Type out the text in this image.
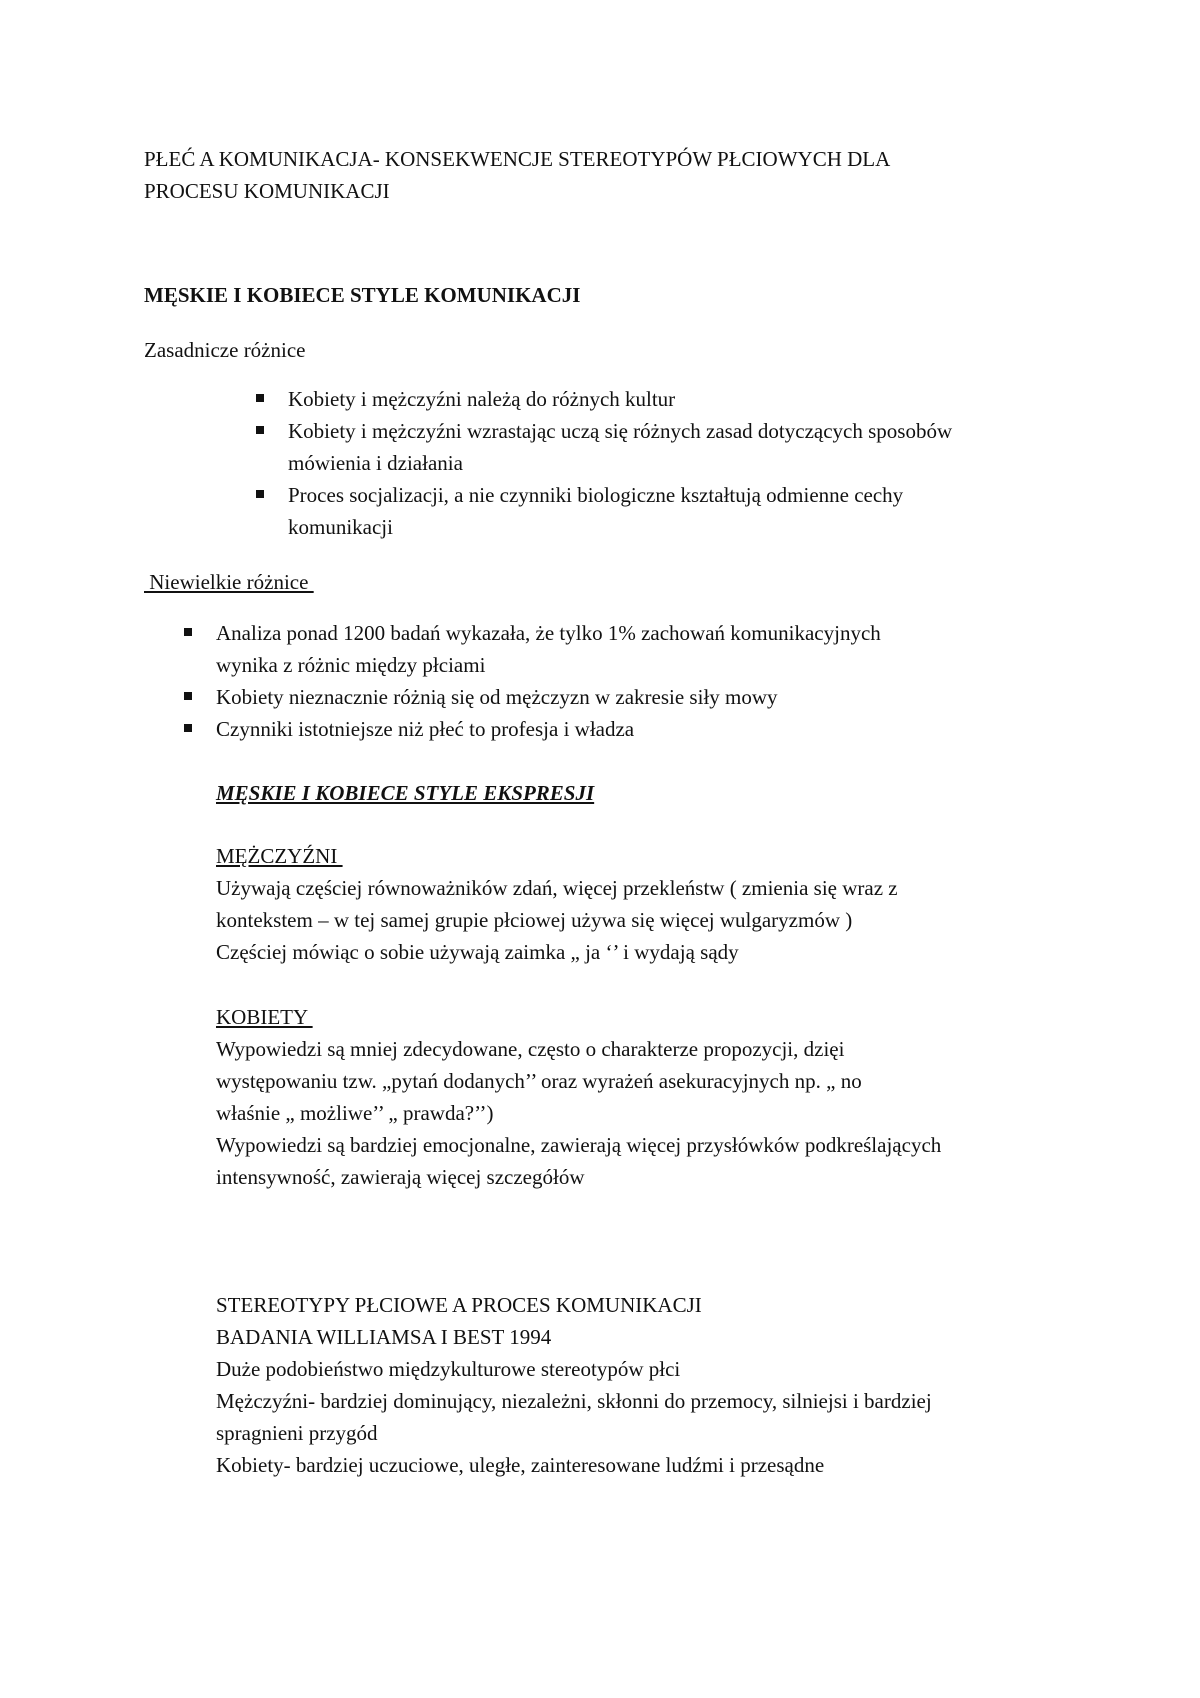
PŁEĆ A KOMUNIKACJA- KONSEKWENCJE STEREOTYPÓW PŁCIOWYCH DLA

PROCESU KOMUNIKACJI

MĘSKIE I KOBIECE STYLE KOMUNIKACJI

Zasadnicze różnice

Kobiety i mężczyźni należą do różnych kultur

Kobiety i mężczyźni wzrastając uczą się różnych zasad dotyczących sposobów

mówienia i działania

Proces socjalizacji, a nie czynniki biologiczne kształtują odmienne cechy

komunikacji

Niewielkie różnice

Analiza ponad 1200 badań wykazała, że tylko 1% zachowań komunikacyjnych

wynika z różnic między płciami

Kobiety nieznacznie różnią się od mężczyzn w zakresie siły mowy

Czynniki istotniejsze niż płeć to profesja i władza

MĘSKIE I KOBIECE STYLE EKSPRESJI

MĘŻCZYŹNI

Używają częściej równoważników zdań, więcej przekleństw ( zmienia się wraz z

kontekstem – w tej samej grupie płciowej używa się więcej wulgaryzmów )

Częściej mówiąc o sobie używają zaimka „ ja ‘’ i wydają sądy

KOBIETY

Wypowiedzi są mniej zdecydowane, często o charakterze propozycji, dzięi

występowaniu tzw. „pytań dodanych’’ oraz wyrażeń asekuracyjnych np. „ no

właśnie „ możliwe’’ „ prawda?’’)

Wypowiedzi są bardziej emocjonalne, zawierają więcej przysłówków podkreślających

intensywność, zawierają więcej szczegółów

STEREOTYPY PŁCIOWE A PROCES KOMUNIKACJI

BADANIA WILLIAMSA I BEST 1994

Duże podobieństwo międzykulturowe stereotypów płci

Mężczyźni- bardziej dominujący, niezależni, skłonni do przemocy, silniejsi i bardziej

spragnieni przygód

Kobiety- bardziej uczuciowe, uległe, zainteresowane ludźmi i przesądne
